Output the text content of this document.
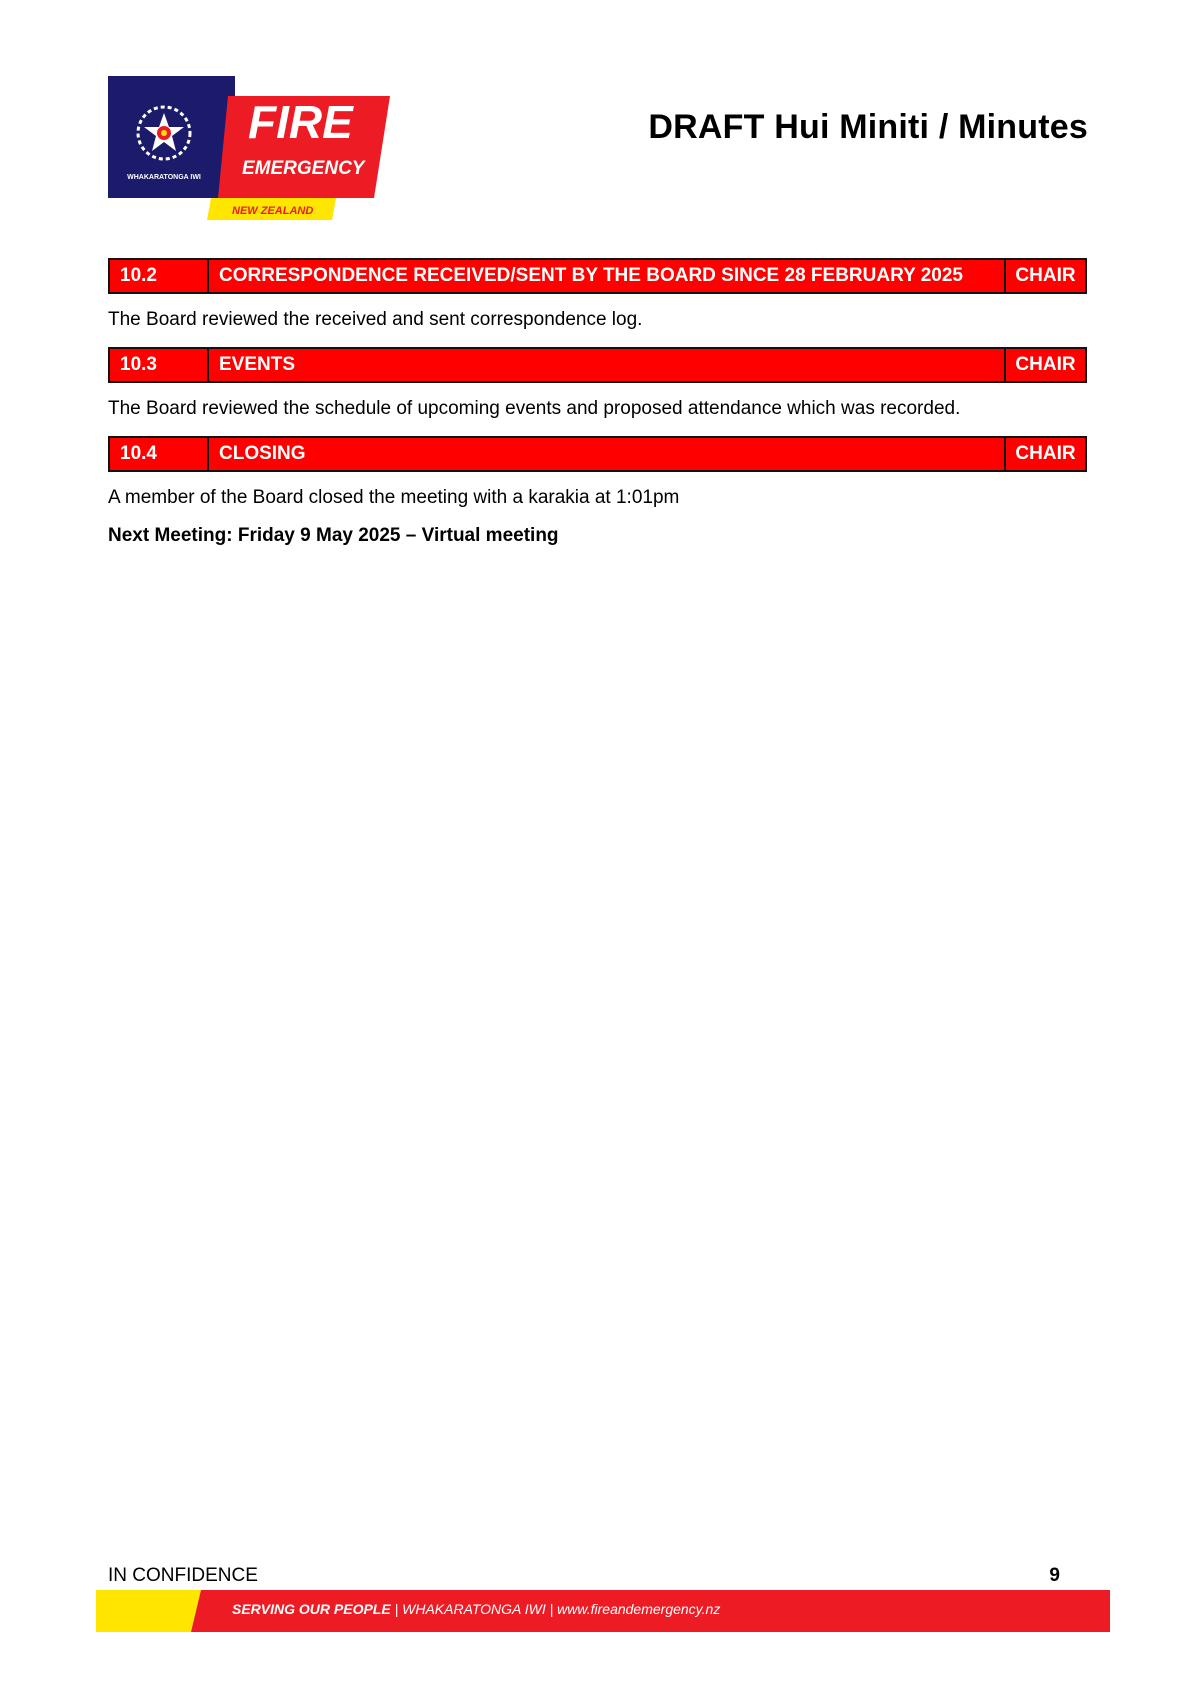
WHAKARATONGA IWI
FIRE
EMERGENCY
NEW ZEALAND
DRAFT Hui Miniti / Minutes
10.2	CORRESPONDENCE RECEIVED/SENT BY THE BOARD SINCE 28 FEBRUARY 2025	CHAIR
The Board reviewed the received and sent correspondence log.
10.3	EVENTS	CHAIR
The Board reviewed the schedule of upcoming events and proposed attendance which was recorded.
10.4	CLOSING	CHAIR
A member of the Board closed the meeting with a karakia at 1:01pm
Next Meeting: Friday 9 May 2025 – Virtual meeting
IN CONFIDENCE	9
SERVING OUR PEOPLE | WHAKARATONGA IWI | www.fireandemergency.nz
